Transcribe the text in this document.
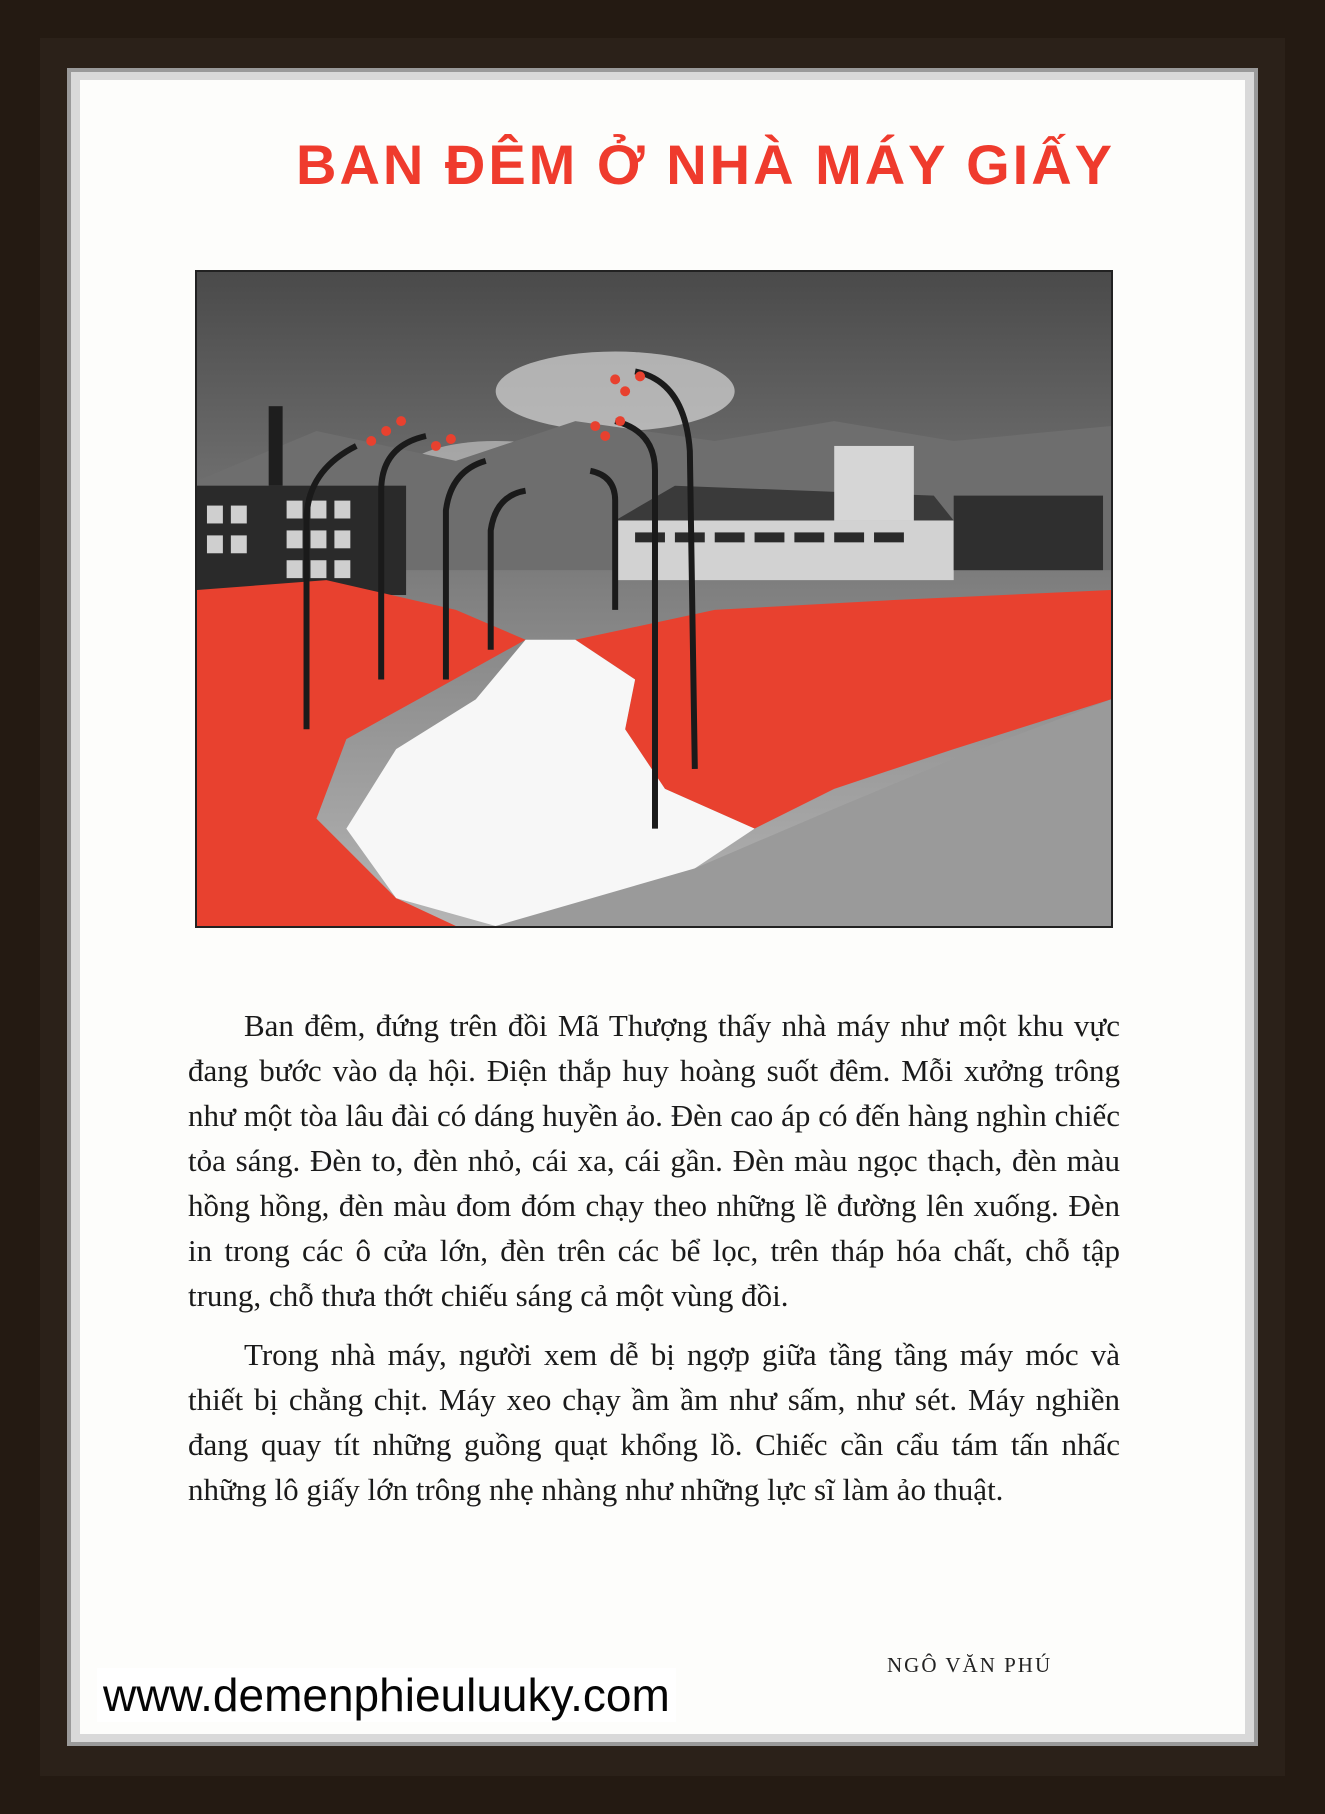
BAN ĐÊM Ở NHÀ MÁY GIẤY

Ban đêm, đứng trên đồi Mã Thượng thấy nhà máy như một khu vực đang bước vào dạ hội. Điện thắp huy hoàng suốt đêm. Mỗi xưởng trông như một tòa lâu đài có dáng huyền ảo. Đèn cao áp có đến hàng nghìn chiếc tỏa sáng. Đèn to, đèn nhỏ, cái xa, cái gần. Đèn màu ngọc thạch, đèn màu hồng hồng, đèn màu đom đóm chạy theo những lề đường lên xuống. Đèn in trong các ô cửa lớn, đèn trên các bể lọc, trên tháp hóa chất, chỗ tập trung, chỗ thưa thớt chiếu sáng cả một vùng đồi.

Trong nhà máy, người xem dễ bị ngợp giữa tầng tầng máy móc và thiết bị chằng chịt. Máy xeo chạy ầm ầm như sấm, như sét. Máy nghiền đang quay tít những guồng quạt khổng lồ. Chiếc cần cẩu tám tấn nhấc những lô giấy lớn trông nhẹ nhàng như những lực sĩ làm ảo thuật.

NGÔ VĂN PHÚ
www.demenphieuluuky.com
